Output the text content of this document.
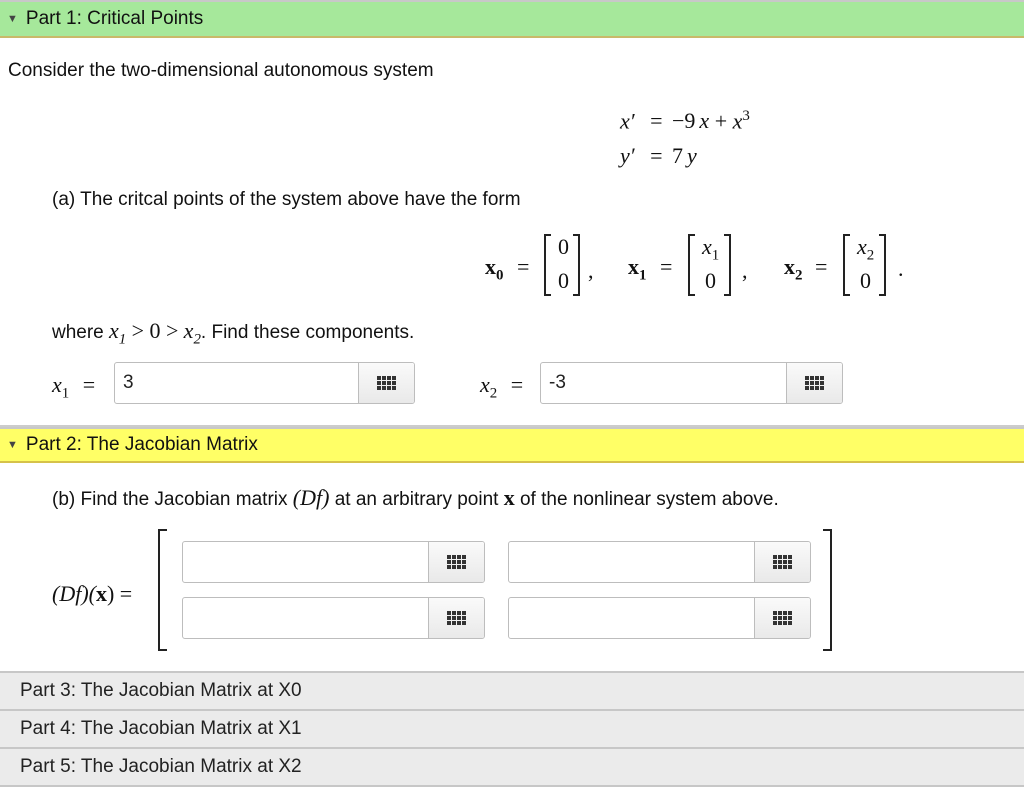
▼ Part 1: Critical Points
Consider the two-dimensional autonomous system
x′ = −9 $x + x^3$
y′ = 7 y
(a) The critcal points of the system above have the form
$x_0$ =
0
0 , $x_1$ =
$x_1$
0 , $x_2$ =
$x_2$
0 .
where $x_1 > 0 > x_2$. Find these components.
$x_1$ =
3	$x_2$ =
-3
▼ Part 2: The Jacobian Matrix
(b) Find the Jacobian matrix (Df) at an arbitrary point x of the nonlinear system above.
(Df)(x) =
Part 3: The Jacobian Matrix at X0
Part 4: The Jacobian Matrix at X1
Part 5: The Jacobian Matrix at X2
